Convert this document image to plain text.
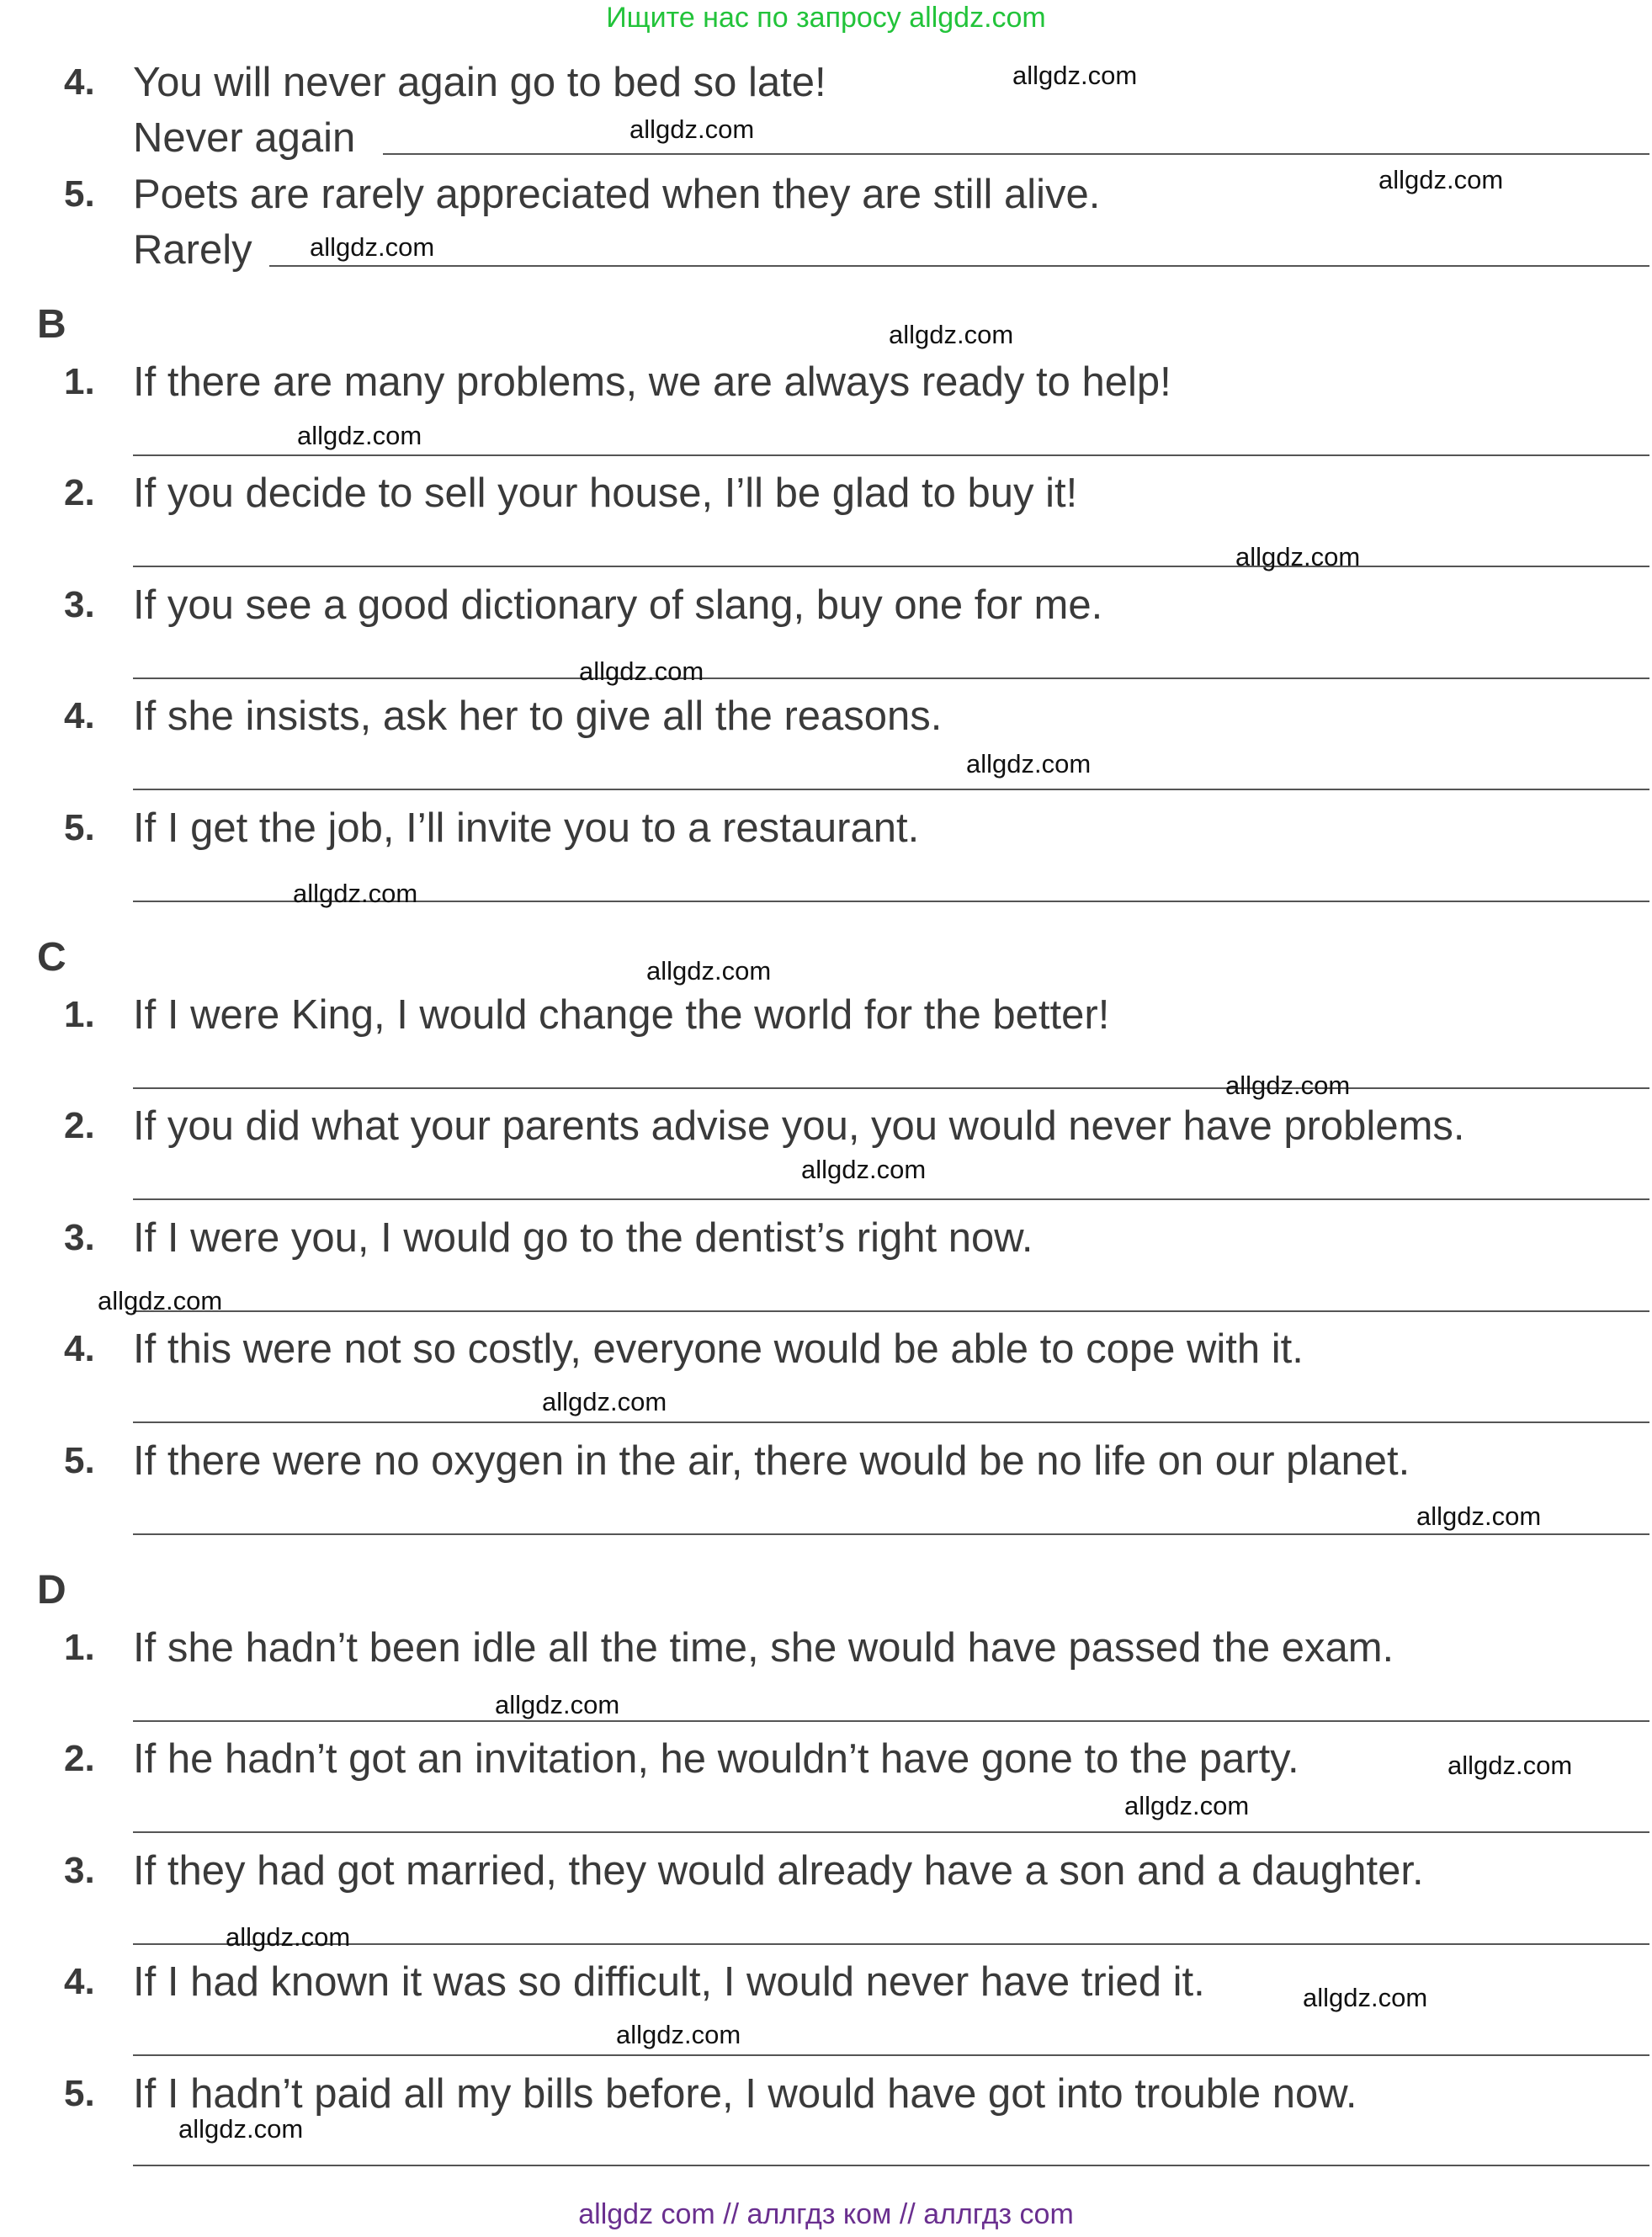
Ищите нас по запросу allgdz.com
4. You will never again go to bed so late!
Never again
5. Poets are rarely appreciated when they are still alive.
Rarely
B
1. If there are many problems, we are always ready to help!
2. If you decide to sell your house, I’ll be glad to buy it!
3. If you see a good dictionary of slang, buy one for me.
4. If she insists, ask her to give all the reasons.
5. If I get the job, I’ll invite you to a restaurant.
C
1. If I were King, I would change the world for the better!
2. If you did what your parents advise you, you would never have problems.
3. If I were you, I would go to the dentist’s right now.
4. If this were not so costly, everyone would be able to cope with it.
5. If there were no oxygen in the air, there would be no life on our planet.
D
1. If she hadn’t been idle all the time, she would have passed the exam.
2. If he hadn’t got an invitation, he wouldn’t have gone to the party.
3. If they had got married, they would already have a son and a daughter.
4. If I had known it was so difficult, I would never have tried it.
5. If I hadn’t paid all my bills before, I would have got into trouble now.
allgdz.com
allgdz.com
allgdz.com
allgdz.com
allgdz.com
allgdz.com
allgdz.com
allgdz.com
allgdz.com
allgdz.com
allgdz.com
allgdz.com
allgdz.com
allgdz.com
allgdz.com
allgdz.com
allgdz.com
allgdz.com
allgdz.com
allgdz.com
allgdz.com
allgdz.com
allgdz.com
allgdz com // аллгдз ком // аллгдз com
